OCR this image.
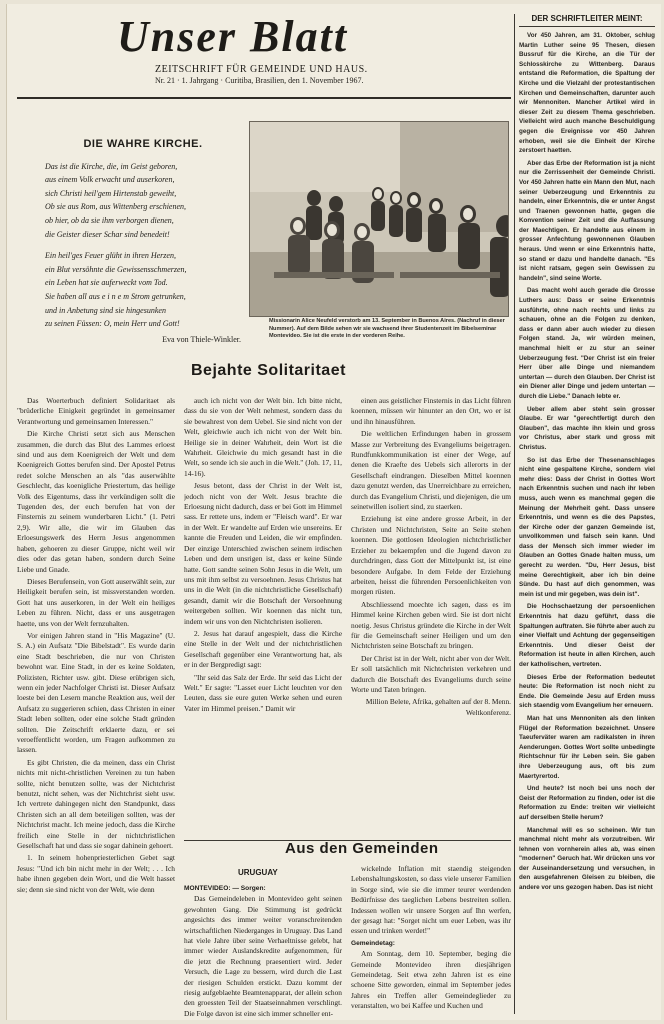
Unser Blatt
ZEITSCHRIFT FÜR GEMEINDE UND HAUS.
Nr. 21 · 1. Jahrgang · Curitiba, Brasilien, den 1. November 1967.
DIE WAHRE KIRCHE.
Das ist die Kirche, die, im Geist geboren,
aus einem Volk erwacht und auserkoren,
sich Christi heil'gem Hirtenstab geweiht,
Ob sie aus Rom, aus Wittenberg erschienen,
ob hier, ob da sie ihm verborgen dienen,
die Geister dieser Schar sind benedeit!
Ein heil'ges Feuer glüht in ihren Herzen,
ein Blut versöhnte die Gewissensschmerzen,
ein Leben hat sie auferweckt vom Tod.
Sie haben all aus e i n e m Strom getrunken,
und in Anbetung sind sie hingesunken
zu seinen Füssen: O, mein Herr und Gott!
Eva von Thiele-Winkler.
Missionarin Alice Neufeld verstorb am 13. September in Buenos Aires. (Nachruf in dieser Nummer). Auf dem Bilde sehen wir sie wachsend ihrer Studentenzeit im Bibelseminar Montevideo. Sie ist die erste in der vorderen Reihe.
Bejahte Solitaritaet

Das Woerterbuch definiert Solidaritaet als "brüderliche Einigkeit gegründet in gemeinsamer Verantwortung und gemeinsamen Interessen."

Die Kirche Christi setzt sich aus Menschen zusammen, die durch das Blut des Lammes erloest sind und aus dem Koenigreich der Welt und dem Koenigreich Gottes berufen sind. Der Apostel Petrus redet solche Menschen an als "das auserwählte Geschlecht, das koenigliche Priestertum, das heilige Volk des Eigentums, dass ihr verkündigen sollt die Tugenden des, der euch berufen hat von der Finsternis zu seinem wunderbaren Licht." (1. Petri 2,9). Wir alle, die wir im Glauben das Erloesungswerk des Herrn Jesus angenommen haben, gehoeren zu dieser Gruppe, nicht weil wir dies oder das getan haben, sondern durch Seine Liebe und Gnade.

Dieses Berufensein, von Gott auserwählt sein, zur Heiligkeit berufen sein, ist missverstanden worden. Gott hat uns auserkoren, in der Welt ein heiliges Leben zu führen. Nicht, dass er uns ausgetragen haette, uns von der Welt fernzuhalten.

Vor einigen Jahren stand in "His Magazine" (U. S. A.) ein Aufsatz "Die Bibelstadt". Es wurde darin eine Stadt beschrieben, die nur von Christen bewohnt war. Eine Stadt, in der es keine Soldaten, Polizisten, Richter usw. gibt. Diese erübrigen sich, wenn ein jeder Nachfolger Christi ist. Dieser Aufsatz loeste bei den Lesern manche Reaktion aus, weil der Aufsatz zu suggerieren schien, dass Christen in einer Stadt leben sollten, oder eine solche Stadt gründen sollten. Die Zeitschrift erklaerte dazu, er sei veroeffentlicht worden, um Fragen aufkommen zu lassen.

Es gibt Christen, die da meinen, dass ein Christ nichts mit nicht-christlichen Vereinen zu tun haben sollte, nicht benutzen sollte, was der Nichtchrist benutzt, nicht sehen, was der Nichtchrist sieht usw. Ich vertrete dahingegen nicht den Standpunkt, dass Christen sich an all dem beteiligen sollten, was der Nichtchrist macht. Ich meine jedoch, dass die Kirche freilich eine Stelle in der nichtchristlichen Gesellschaft hat und dass sie sogar dahinein gehoert.

1. In seinem hohenpriesterlichen Gebet sagt Jesus: "Und ich bin nicht mehr in der Welt; . . . Ich habe ihnen gegeben dein Wort, und die Welt hasset sie; denn sie sind nicht von der Welt, wie denn

auch ich nicht von der Welt bin. Ich bitte nicht, dass du sie von der Welt nehmest, sondern dass du sie bewahrest von dem Uebel. Sie sind nicht von der Welt, gleichwie auch ich nicht von der Welt bin. Heilige sie in deiner Wahrheit, dein Wort ist die Wahrheit. Gleichwie du mich gesandt hast in die Welt, so sende ich sie auch in die Welt." (Joh. 17, 11, 14-16).

Jesus betont, dass der Christ in der Welt ist, jedoch nicht von der Welt. Jesus brachte die Erloesung nicht dadurch, dass er bei Gott im Himmel sass. Er rettete uns, indem er "Fleisch ward". Er war in der Welt. Er wandelte auf Erden wie unsereins. Er kannte die Freuden und Leiden, die wir empfinden. Der einzige Unterschied zwischen seinem irdischen Leben und dem unsrigen ist, dass er keine Sünde hatte. Gott sandte seinen Sohn Jesus in die Welt, um uns mit ihm selbst zu versoehnen. Jesus Christus hat uns in die Welt (in die nichtchristliche Gesellschaft) gesandt, damit wir die Botschaft der Versoehnung weitergeben sollten. Wir koennen das nicht tun, indem wir uns von den Nichtchristen isolieren.

2. Jesus hat darauf angespielt, dass die Kirche eine Stelle in der Welt und der nichtchristlichen Gesellschaft gegenüber eine Verantwortung hat, als er in der Bergpredigt sagt:

"Ihr seid das Salz der Erde. Ihr seid das Licht der Welt." Er sagte: "Lasset euer Licht leuchten vor den Leuten, dass sie eure guten Werke sehen und euren Vater im Himmel preisen." Damit wir

einen aus geistlicher Finsternis in das Licht führen koennen, müssen wir hinunter an den Ort, wo er ist und ihn hinausführen.

Die weltlichen Erfindungen haben in grossem Masse zur Verbreitung des Evangeliums beigetragen. Rundfunkkommunikation ist einer der Wege, auf denen die Kraefte des Uebels sich allerorts in der Gesellschaft eindrangen. Dieselben Mittel koennen dazu genutzt werden, das Unerreichbare zu erreichen, durch das Evangelium Christi, und diejenigen, die um seinetwillen isoliert sind, zu staerken.

Erziehung ist eine andere grosse Arbeit, in der Christen und Nichtchristen, Seite an Seite stehen koennen. Die gottlosen Ideologien nichtchristlicher Erzieher zu bekaempfen und die Jugend davon zu durchdringen, dass Gott der Mittelpunkt ist, ist eine besondere Aufgabe. In dem Felde der Erziehung arbeiten, heisst die führenden Persoenlichkeiten von morgen rüsten.

Abschliessend moechte ich sagen, dass es im Himmel keine Kirchen geben wird. Sie ist dort nicht noetig. Jesus Christus gründete die Kirche in der Welt für die Gemeinschaft seiner Heiligen und um den Nichtchristen seine Botschaft zu bringen.

Der Christ ist in der Welt, nicht aber von der Welt. Er soll tatsächlich mit Nichtchristen verkehren und dadurch die Botschaft des Evangeliums durch seine Worte und Taten bringen.

Million Belete, Afrika, gehalten auf der 8. Menn. Weltkonferenz.

Aus den Gemeinden
URUGUAY
MONTEVIDEO: — Sorgen:

Das Gemeindeleben in Montevideo geht seinen gewohnten Gang. Die Stimmung ist gedrückt angesichts des immer weiter voranschreitenden wirtschaftlichen Niederganges in Uruguay. Das Land hat viele Jahre über seine Verhaeltnisse gelebt, hat immer wieder Auslandskredite aufgenommen, für die jetzt die Rechnung praesentiert wird. Jeder Versuch, die Lage zu bessern, wird durch die Last der riesigen Schulden erstickt. Dazu kommt der riesig aufgeblaehte Beamtenapparat, der allein schon den groessten Teil der Staatseinnahmen verschlingt. Die Folge davon ist eine sich immer schneller ent-

wickelnde Inflation mit staendig steigenden Lebenshaltungskosten, so dass viele unserer Familien in Sorge sind, wie sie die immer teurer werdenden Bedürfnisse des taeglichen Lebens bestreiten sollen. Indessen wollen wir unsere Sorgen auf Ihn werfen, der gesagt hat: "Sorget nicht um euer Leben, was ihr essen und trinken werdet!"

Gemeindetag:

Am Sonntag, dem 10. September, beging die Gemeinde Montevideo ihren diesjährigen Gemeindetag. Seit etwa zehn Jahren ist es eine schoene Sitte geworden, einmal im September jedes Jahres ein Treffen aller Gemeindeglieder zu veranstalten, wo bei Kaffee und Kuchen und

DER SCHRIFTLEITER MEINT:

Vor 450 Jahren, am 31. Oktober, schlug Martin Luther seine 95 Thesen, diesen Bussruf für die Kirche, an die Tür der Schlosskirche zu Wittenberg. Daraus entstand die Reformation, die Spaltung der Kirche und die Vielzahl der protestantischen Kirchen und Gemeinschaften, darunter auch wir Mennoniten. Mancher Artikel wird in dieser Zeit zu diesem Thema geschrieben. Vielleicht wird auch manche Beschuldigung gegen die Ereignisse vor 450 Jahren erhoben, weil sie die Einheit der Kirche zerstoert haetten.

Aber das Erbe der Reformation ist ja nicht nur die Zerrissenheit der Gemeinde Christi. Vor 450 Jahren hatte ein Mann den Mut, nach seiner Ueberzeugung und Erkenntnis zu handeln, einer Erkenntnis, die er unter Angst und Traenen gewonnen hatte, gegen die Konvention seiner Zeit und die Auffassung der Maechtigen. Er handelte aus einem in grosser Anfechtung gewonnenen Glauben heraus. Und wenn er eine Erkenntnis hatte, so stand er dazu und handelte danach. "Es ist nicht ratsam, gegen sein Gewissen zu handeln", sind seine Worte.

Das macht wohl auch gerade die Grosse Luthers aus: Dass er seine Erkenntnis ausführte, ohne nach rechts und links zu schauen, ohne an die Folgen zu denken, dass er dann aber auch wieder zu diesen Folgen stand. Ja, wir würden meinen, manchmal hielt er zu stur an seiner Ueberzeugung fest. "Der Christ ist ein freier Herr über alle Dinge und niemandem untertan — durch den Glauben. Der Christ ist ein Diener aller Dinge und jedem untertan — durch die Liebe." Danach lebte er.

Ueber allem aber steht sein grosser Glaube. Er war "gerechtfertigt durch den Glauben", das machte ihn klein und gross vor Christus, aber stark und gross mit Christus.

So ist das Erbe der Thesenanschlages nicht eine gespaltene Kirche, sondern viel mehr dies: Dass der Christ in Gottes Wort nach Erkenntnis suchen und nach ihr leben muss, auch wenn es manchmal gegen die Meinung der Mehrheit geht. Dass unsere Erkenntnis, und wenn es die des Papstes, der Kirche oder der ganzen Gemeinde ist, unvollkommen und falsch sein kann. Und dass der Mensch sich immer wieder im Glauben an Gottes Gnade halten muss, um gerecht zu werden. "Du, Herr Jesus, bist meine Gerechtigkeit, aber ich bin deine Sünde. Du hast auf dich genommen, was mein ist und mir gegeben, was dein ist".

Die Hochschaetzung der persoenlichen Erkenntnis hat dazu geführt, dass die Spaltungen auftraten. Sie führte aber auch zu einer Vielfalt und Achtung der gegenseitigen Erkenntnis. Und dieser Geist der Reformation ist heute in allen Kirchen, auch der katholischen, vertreten.

Dieses Erbe der Reformation bedeutet heute: Die Reformation ist noch nicht zu Ende. Die Gemeinde Jesu auf Erden muss sich staendig vom Evangelium her erneuern.

Man hat uns Mennoniten als den linken Flügel der Reformation bezeichnet. Unsere Taeuferväter waren am radikalsten in ihren Aenderungen. Gottes Wort sollte unbedingte Richtschnur für ihr Leben sein. Sie gaben ihre Ueberzeugung aus, oft bis zum Maertyrertod.

Und heute? Ist noch bei uns noch der Geist der Reformation zu finden, oder ist die Reformation zu Ende: treiten wir vielleicht auf derselben Stelle herum?

Manchmal will es so scheinen. Wir tun manchmal nicht mehr als vorzutreiben. Wir lehnen von vornherein alles ab, was einen "modernen" Geruch hat. Wir drücken uns vor der Auseinandersetzung und versuchen, in den ausgefahrenen Gleisen zu bleiben, die andere vor uns gezogen haben. Das ist nicht
